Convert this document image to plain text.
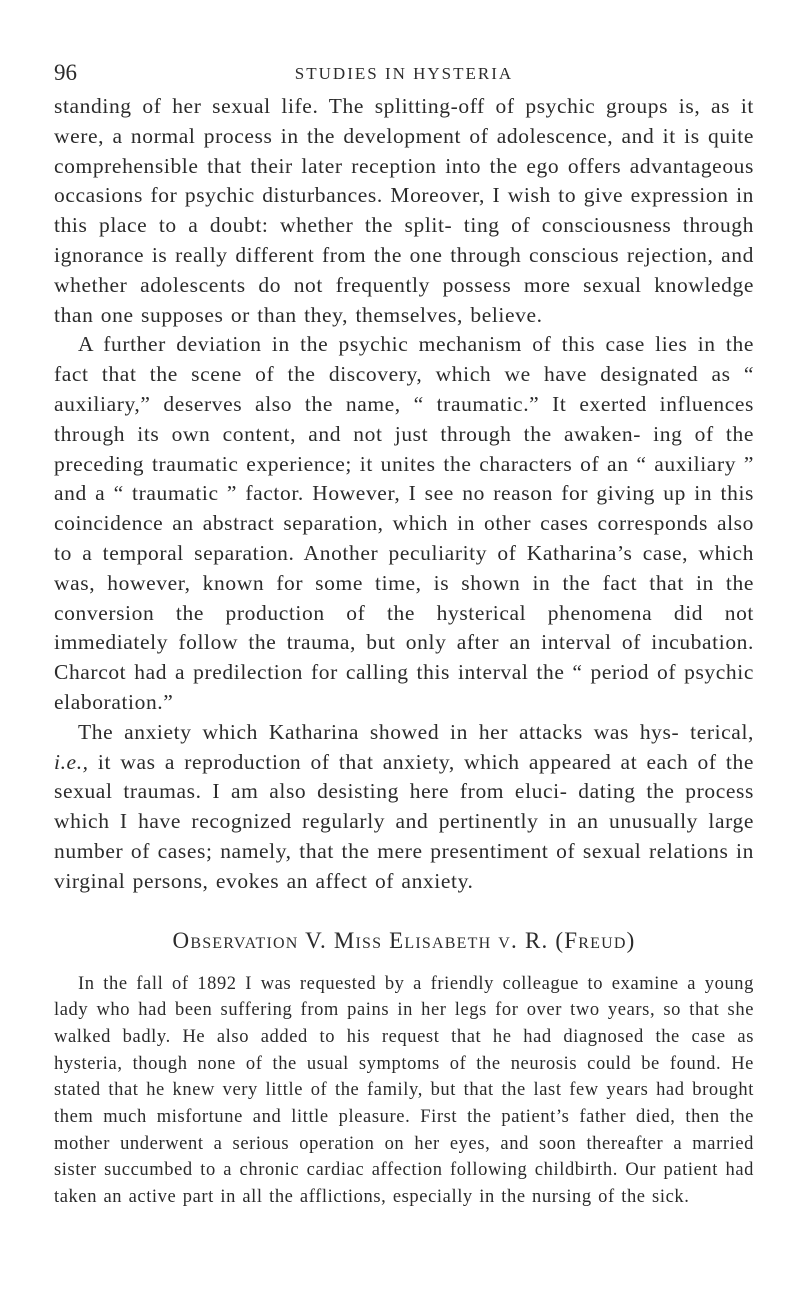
96	STUDIES IN HYSTERIA

standing of her sexual life. The splitting-off of psychic groups is, as it were, a normal process in the development of adolescence, and it is quite comprehensible that their later reception into the ego offers advantageous occasions for psychic disturbances. Moreover, I wish to give expression in this place to a doubt: whether the split- ting of consciousness through ignorance is really different from the one through conscious rejection, and whether adolescents do not frequently possess more sexual knowledge than one supposes or than they, themselves, believe.

A further deviation in the psychic mechanism of this case lies in the fact that the scene of the discovery, which we have designated as “ auxiliary,” deserves also the name, “ traumatic.” It exerted influences through its own content, and not just through the awaken- ing of the preceding traumatic experience; it unites the characters of an “ auxiliary ” and a “ traumatic ” factor. However, I see no reason for giving up in this coincidence an abstract separation, which in other cases corresponds also to a temporal separation. Another peculiarity of Katharina’s case, which was, however, known for some time, is shown in the fact that in the conversion the production of the hysterical phenomena did not immediately follow the trauma, but only after an interval of incubation. Charcot had a predilection for calling this interval the “ period of psychic elaboration.”

The anxiety which Katharina showed in her attacks was hys- terical, i.e., it was a reproduction of that anxiety, which appeared at each of the sexual traumas. I am also desisting here from eluci- dating the process which I have recognized regularly and pertinently in an unusually large number of cases; namely, that the mere presentiment of sexual relations in virginal persons, evokes an affect of anxiety.

Observation V. Miss Elisabeth v. R. (Freud)

In the fall of 1892 I was requested by a friendly colleague to examine a young lady who had been suffering from pains in her legs for over two years, so that she walked badly. He also added to his request that he had diagnosed the case as hysteria, though none of the usual symptoms of the neurosis could be found. He stated that he knew very little of the family, but that the last few years had brought them much misfortune and little pleasure. First the patient’s father died, then the mother underwent a serious operation on her eyes, and soon thereafter a married sister succumbed to a chronic cardiac affection following childbirth. Our patient had taken an active part in all the afflictions, especially in the nursing of the sick.
